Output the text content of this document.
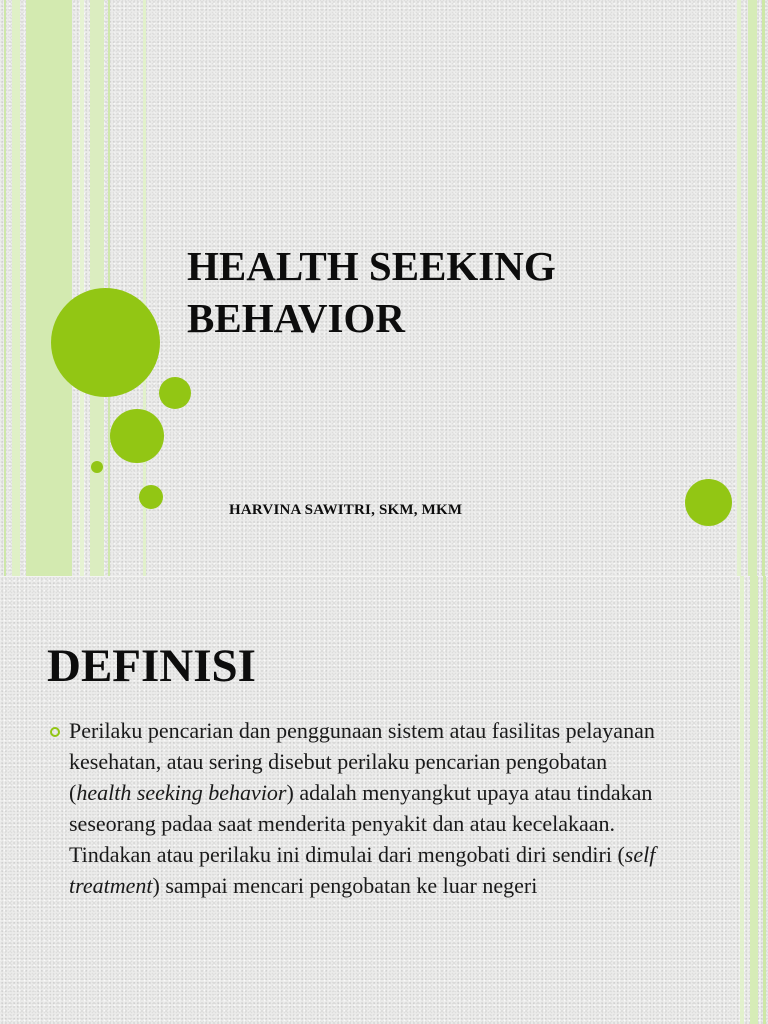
HEALTH SEEKING
BEHAVIOR
HARVINA SAWITRI, SKM, MKM
DEFINISI

Perilaku pencarian dan penggunaan sistem atau fasilitas pelayanan kesehatan, atau sering disebut perilaku pencarian pengobatan (health seeking behavior) adalah menyangkut upaya atau tindakan seseorang padaa saat menderita penyakit dan atau kecelakaan. Tindakan atau perilaku ini dimulai dari mengobati diri sendiri (self treatment) sampai mencari pengobatan ke luar negeri
